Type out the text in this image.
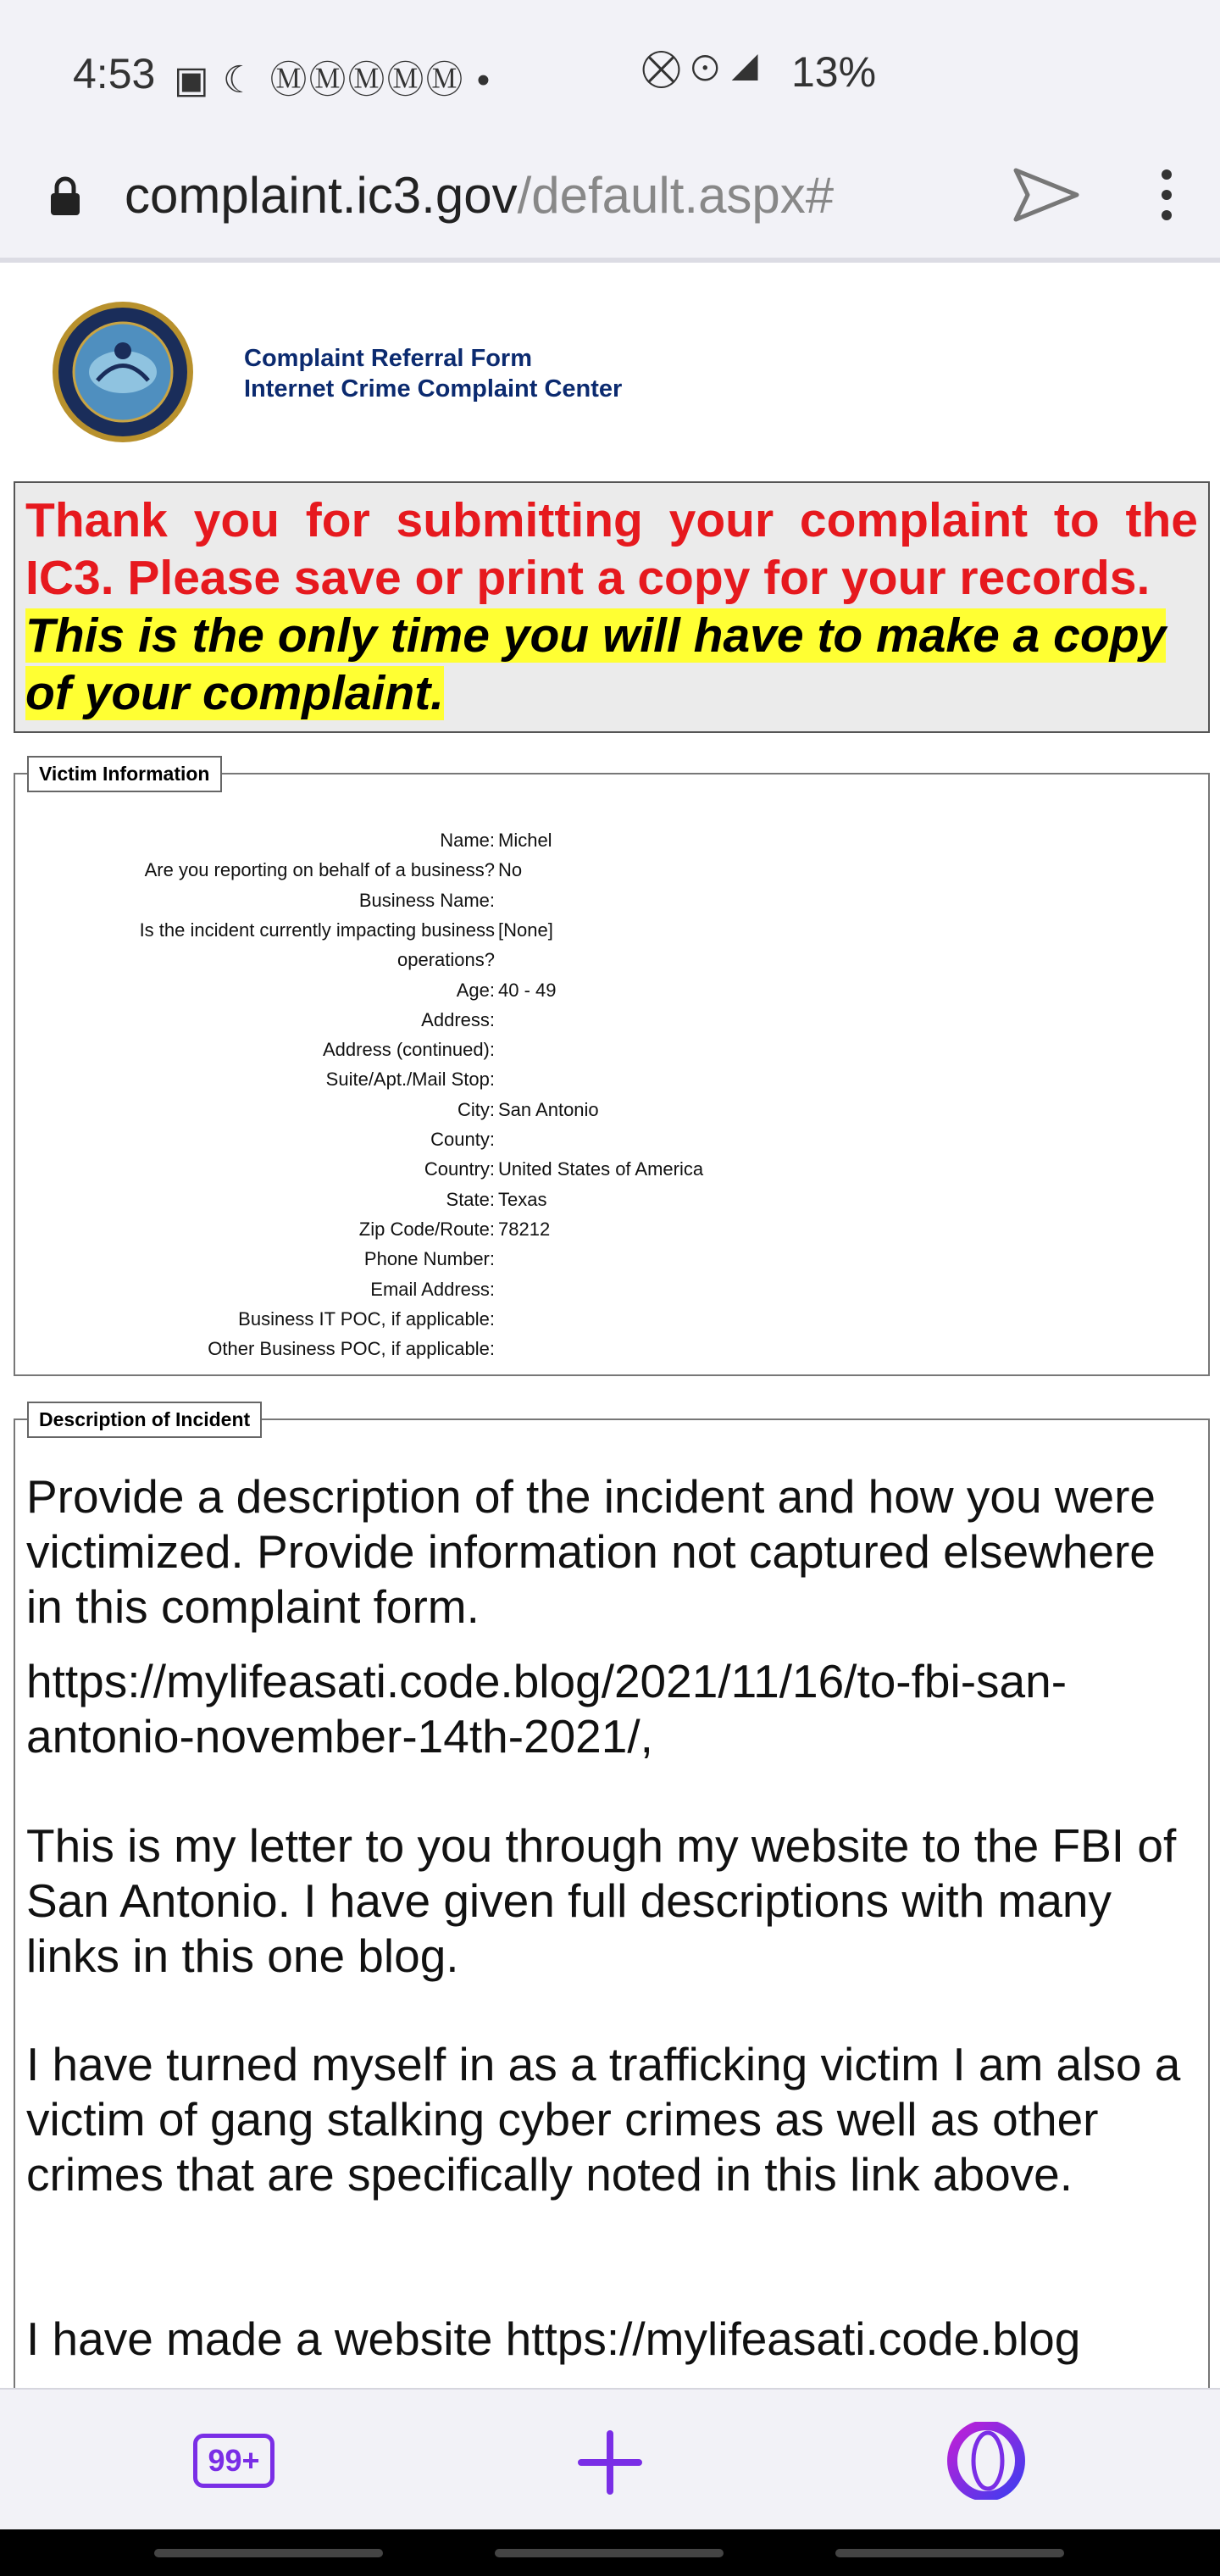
4:53 ▣ ☾ ⓂⓂⓂⓂⓂ •	⛒ ⊙ ◢ 13%
complaint.ic3.gov/default.aspx#
Complaint Referral Form
Internet Crime Complaint Center
Thank you for submitting your complaint to the IC3. Please save or print a copy for your records.
This is the only time you will have to make a copy
of your complaint.
Victim Information
Name: Michel
Are you reporting on behalf of a business? No
Business Name:
Is the incident currently impacting business [None]
operations?
Age: 40 - 49
Address:
Address (continued):
Suite/Apt./Mail Stop:
City: San Antonio
County:
Country: United States of America
State: Texas
Zip Code/Route: 78212
Phone Number:
Email Address:
Business IT POC, if applicable:
Other Business POC, if applicable:
Description of Incident
Provide a description of the incident and how you were victimized. Provide information not captured elsewhere in this complaint form.
https://mylifeasati.code.blog/2021/11/16/to-fbi-san-antonio-november-14th-2021/,
This is my letter to you through my website to the FBI of San Antonio. I have given full descriptions with many links in this one blog.
I have turned myself in as a trafficking victim I am also a victim of gang stalking cyber crimes as well as other crimes that are specifically noted in this link above.
I have made a website https://mylifeasati.code.blog
99+
